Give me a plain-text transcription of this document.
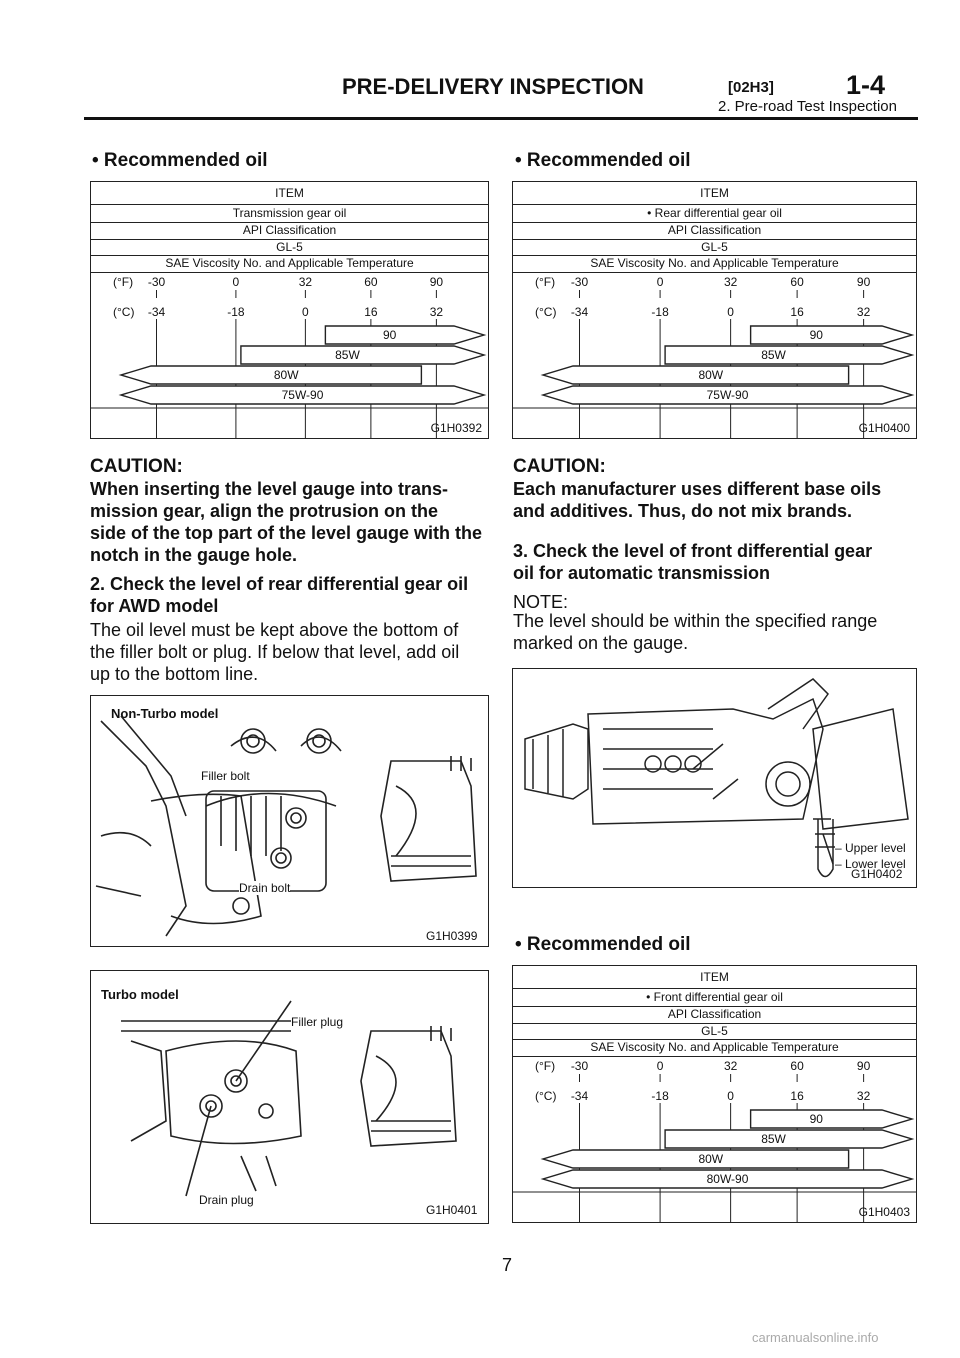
PRE-DELIVERY INSPECTION	[02H3]	1-4
2. Pre-road Test Inspection
• Recommended oil
ITEM
Transmission gear oil
API Classification
GL-5
SAE Viscosity No. and Applicable Temperature
(°F)
(°C)
-30
-34
0
-18
32
0
60
16
90
32
90
85W
80W
75W-90
G1H0392
CAUTION:
When inserting the level gauge into trans-
mission gear, align the protrusion on the
side of the top part of the level gauge with the
notch in the gauge hole.
2. Check the level of rear differential gear oil
for AWD model
The oil level must be kept above the bottom of
the filler bolt or plug. If below that level, add oil
up to the bottom line.
Non-Turbo model
Filler bolt
Drain bolt
G1H0399
Turbo model
Filler plug
Drain plug
G1H0401
• Recommended oil
ITEM
• Rear differential gear oil
API Classification
GL-5
SAE Viscosity No. and Applicable Temperature
(°F)
(°C)
-30
-34
0
-18
32
0
60
16
90
32
90
85W
80W
75W-90
G1H0400
CAUTION:
Each manufacturer uses different base oils
and additives. Thus, do not mix brands.
3. Check the level of front differential gear
oil for automatic transmission
NOTE:
The level should be within the specified range
marked on the gauge.
– Upper level
– Lower level
G1H0402
• Recommended oil
ITEM
• Front differential gear oil
API Classification
GL-5
SAE Viscosity No. and Applicable Temperature
(°F)
(°C)
-30
-34
0
-18
32
0
60
16
90
32
90
85W
80W
80W-90
G1H0403
7
carmanualsonline.info
